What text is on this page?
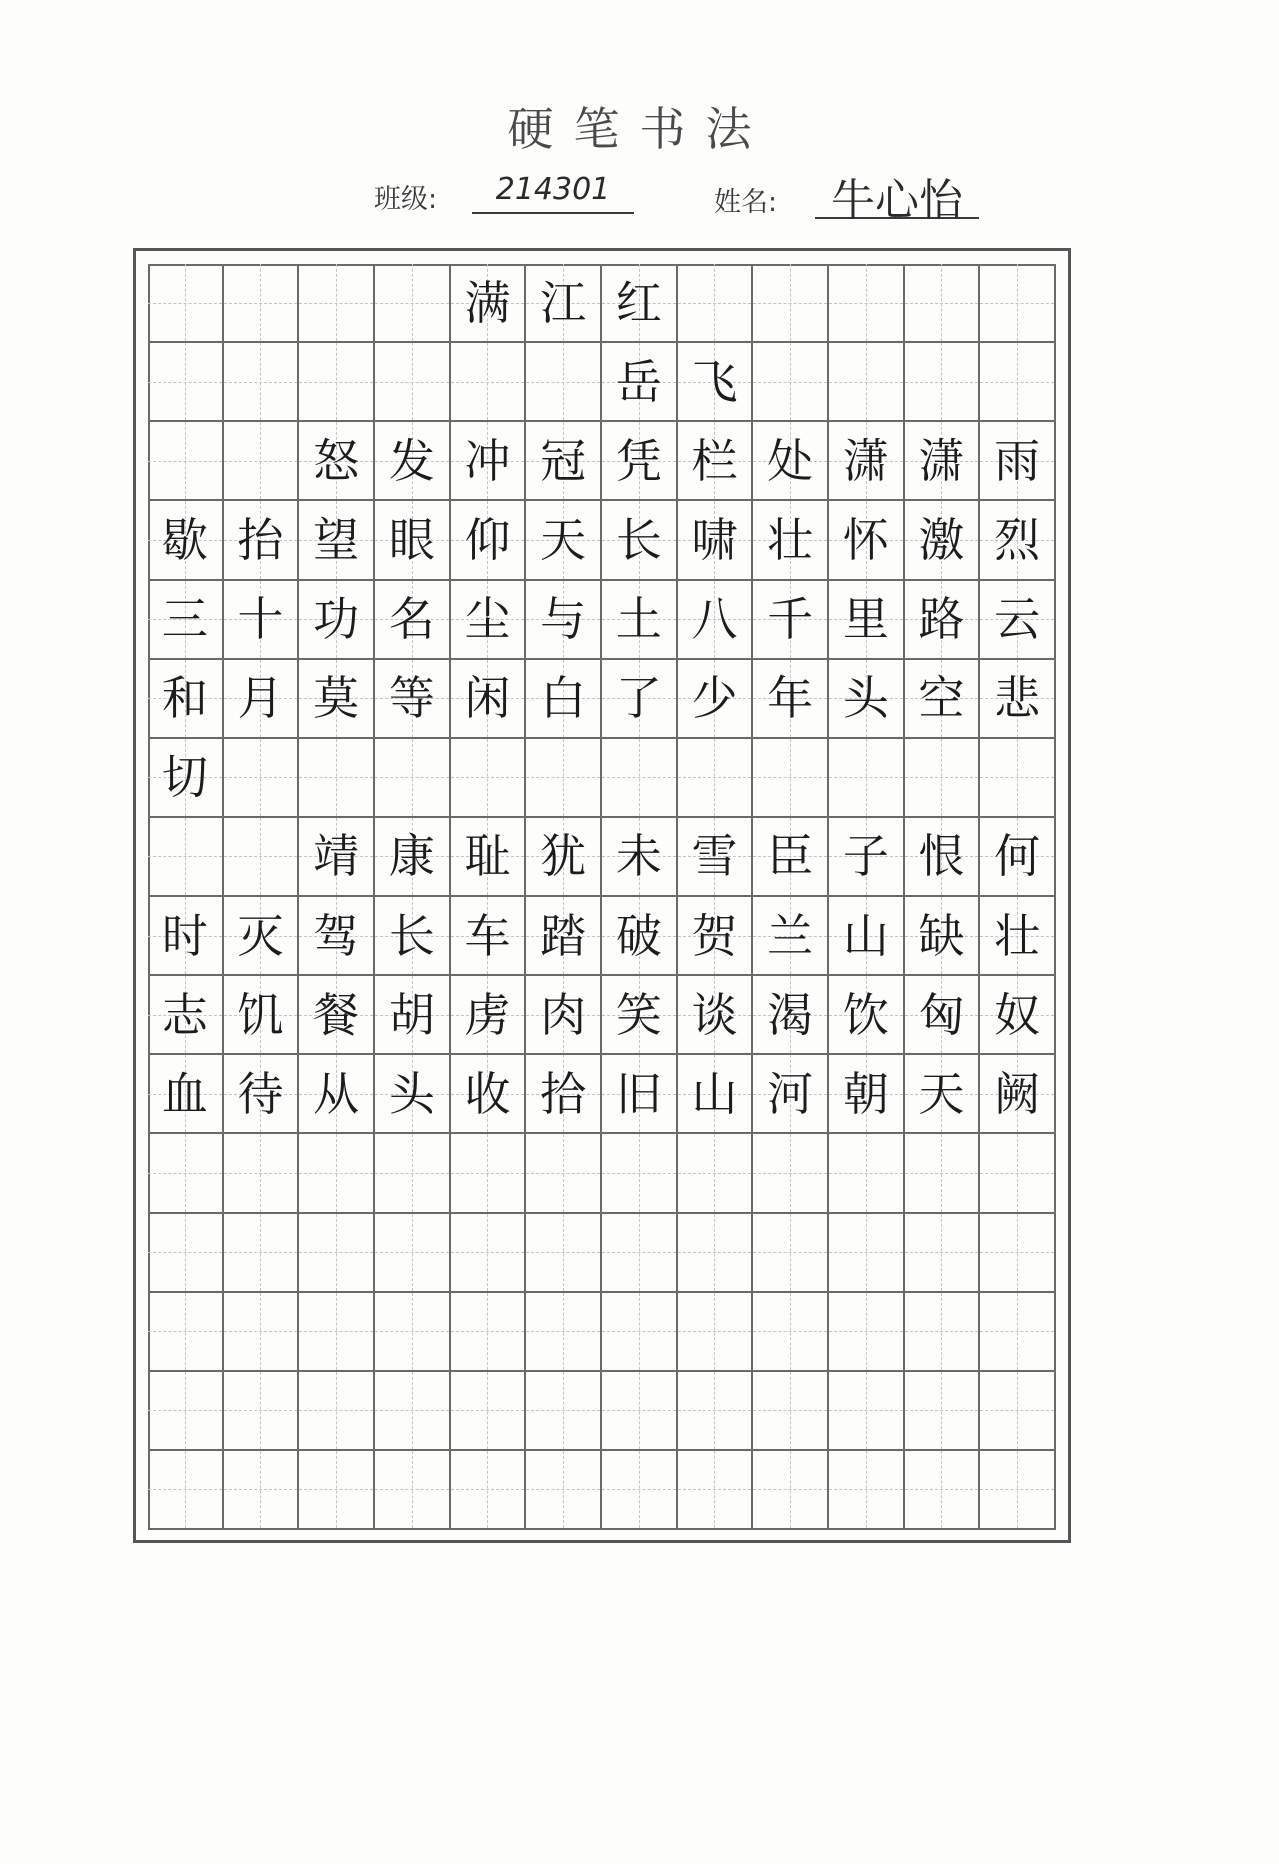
硬笔书法
班级:	214301	姓名:	牛心怡
满 江 红
岳 飞
怒 发 冲 冠 凭 栏 处 潇 潇 雨
歇 抬 望 眼 仰 天 长 啸 壮 怀 激 烈
三 十 功 名 尘 与 土 八 千 里 路 云
和 月 莫 等 闲 白 了 少 年 头 空 悲
切
靖 康 耻 犹 未 雪 臣 子 恨 何
时 灭 驾 长 车 踏 破 贺 兰 山 缺 壮
志 饥 餐 胡 虏 肉 笑 谈 渴 饮 匈 奴
血 待 从 头 收 拾 旧 山 河 朝 天 阙
